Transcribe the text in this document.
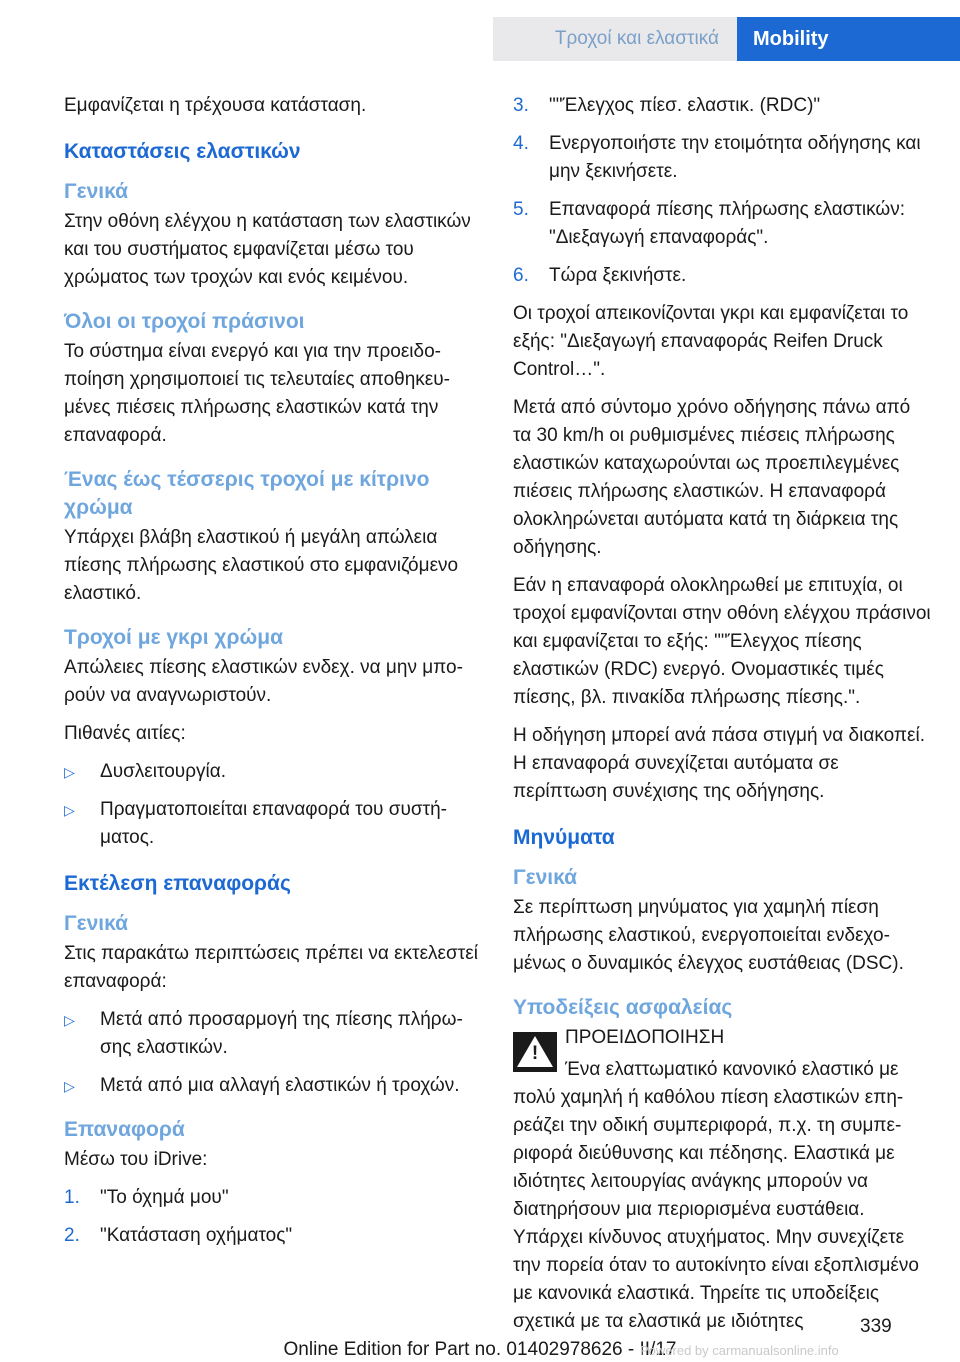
Τροχοί και ελαστικά	Mobility

Εμφανίζεται η τρέχουσα κατάσταση.

Καταστάσεις ελαστικών
Γενικά

Στην οθόνη ελέγχου η κατάσταση των ελαστικών και του συστήματος εμφανίζεται μέσω του χρώματος των τροχών και ενός κειμένου.

Όλοι οι τροχοί πράσινοι

Το σύστημα είναι ενεργό και για την προειδοποίηση χρησιμοποιεί τις τελευταίες αποθηκευμένες πιέσεις πλήρωσης ελαστικών κατά την επαναφορά.

Ένας έως τέσσερις τροχοί με κίτρινο χρώμα

Υπάρχει βλάβη ελαστικού ή μεγάλη απώλεια πίεσης πλήρωσης ελαστικού στο εμφανιζόμενο ελαστικό.

Τροχοί με γκρι χρώμα

Απώλειες πίεσης ελαστικών ενδεχ. να μην μπορούν να αναγνωριστούν.

Πιθανές αιτίες:

▷ Δυσλειτουργία.
▷ Πραγματοποιείται επαναφορά του συστήματος.
Εκτέλεση επαναφοράς
Γενικά

Στις παρακάτω περιπτώσεις πρέπει να εκτελεστεί επαναφορά:

▷ Μετά από προσαρμογή της πίεσης πλήρωσης ελαστικών.
▷ Μετά από μια αλλαγή ελαστικών ή τροχών.
Επαναφορά

Μέσω του iDrive:

1. "Το όχημά μου"
2. "Κατάσταση οχήματος"
3. ""Έλεγχος πίεσ. ελαστικ. (RDC)"
4. Ενεργοποιήστε την ετοιμότητα οδήγησης και μην ξεκινήσετε.
5. Επαναφορά πίεσης πλήρωσης ελαστικών: "Διεξαγωγή επαναφοράς".
6. Τώρα ξεκινήστε.

Οι τροχοί απεικονίζονται γκρι και εμφανίζεται το εξής: "Διεξαγωγή επαναφοράς Reifen Druck Control…".

Μετά από σύντομο χρόνο οδήγησης πάνω από τα 30 km/h οι ρυθμισμένες πιέσεις πλήρωσης ελαστικών καταχωρούνται ως προεπιλεγμένες πιέσεις πλήρωσης ελαστικών. Η επαναφορά ολοκληρώνεται αυτόματα κατά τη διάρκεια της οδήγησης.

Εάν η επαναφορά ολοκληρωθεί με επιτυχία, οι τροχοί εμφανίζονται στην οθόνη ελέγχου πράσινοι και εμφανίζεται το εξής: ""Έλεγχος πίεσης ελαστικών (RDC) ενεργό. Ονομαστικές τιμές πίεσης, βλ. πινακίδα πλήρωσης πίεσης.".

Η οδήγηση μπορεί ανά πάσα στιγμή να διακοπεί. Η επαναφορά συνεχίζεται αυτόματα σε περίπτωση συνέχισης της οδήγησης.

Μηνύματα
Γενικά

Σε περίπτωση μηνύματος για χαμηλή πίεση πλήρωσης ελαστικού, ενεργοποιείται ενδεχομένως ο δυναμικός έλεγχος ευστάθειας (DSC).

Υποδείξεις ασφαλείας
!

ΠΡΟΕΙΔΟΠΟΙΗΣΗ

Ένα ελαττωματικό κανονικό ελαστικό με πολύ χαμηλή ή καθόλου πίεση ελαστικών επηρεάζει την οδική συμπεριφορά, π.χ. τη συμπεριφορά διεύθυνσης και πέδησης. Ελαστικά με ιδιότητες λειτουργίας ανάγκης μπορούν να διατηρήσουν μια περιορισμένα ευστάθεια. Υπάρχει κίνδυνος ατυχήματος. Μην συνεχίζετε την πορεία όταν το αυτοκίνητο είναι εξοπλισμένο με κανονικά ελαστικά. Τηρείτε τις υποδείξεις σχετικά με τα ελαστικά με ιδιότητες	339
Online Edition for Part no. 01402978626 - II/17
Powered by carmanualsonline.info
